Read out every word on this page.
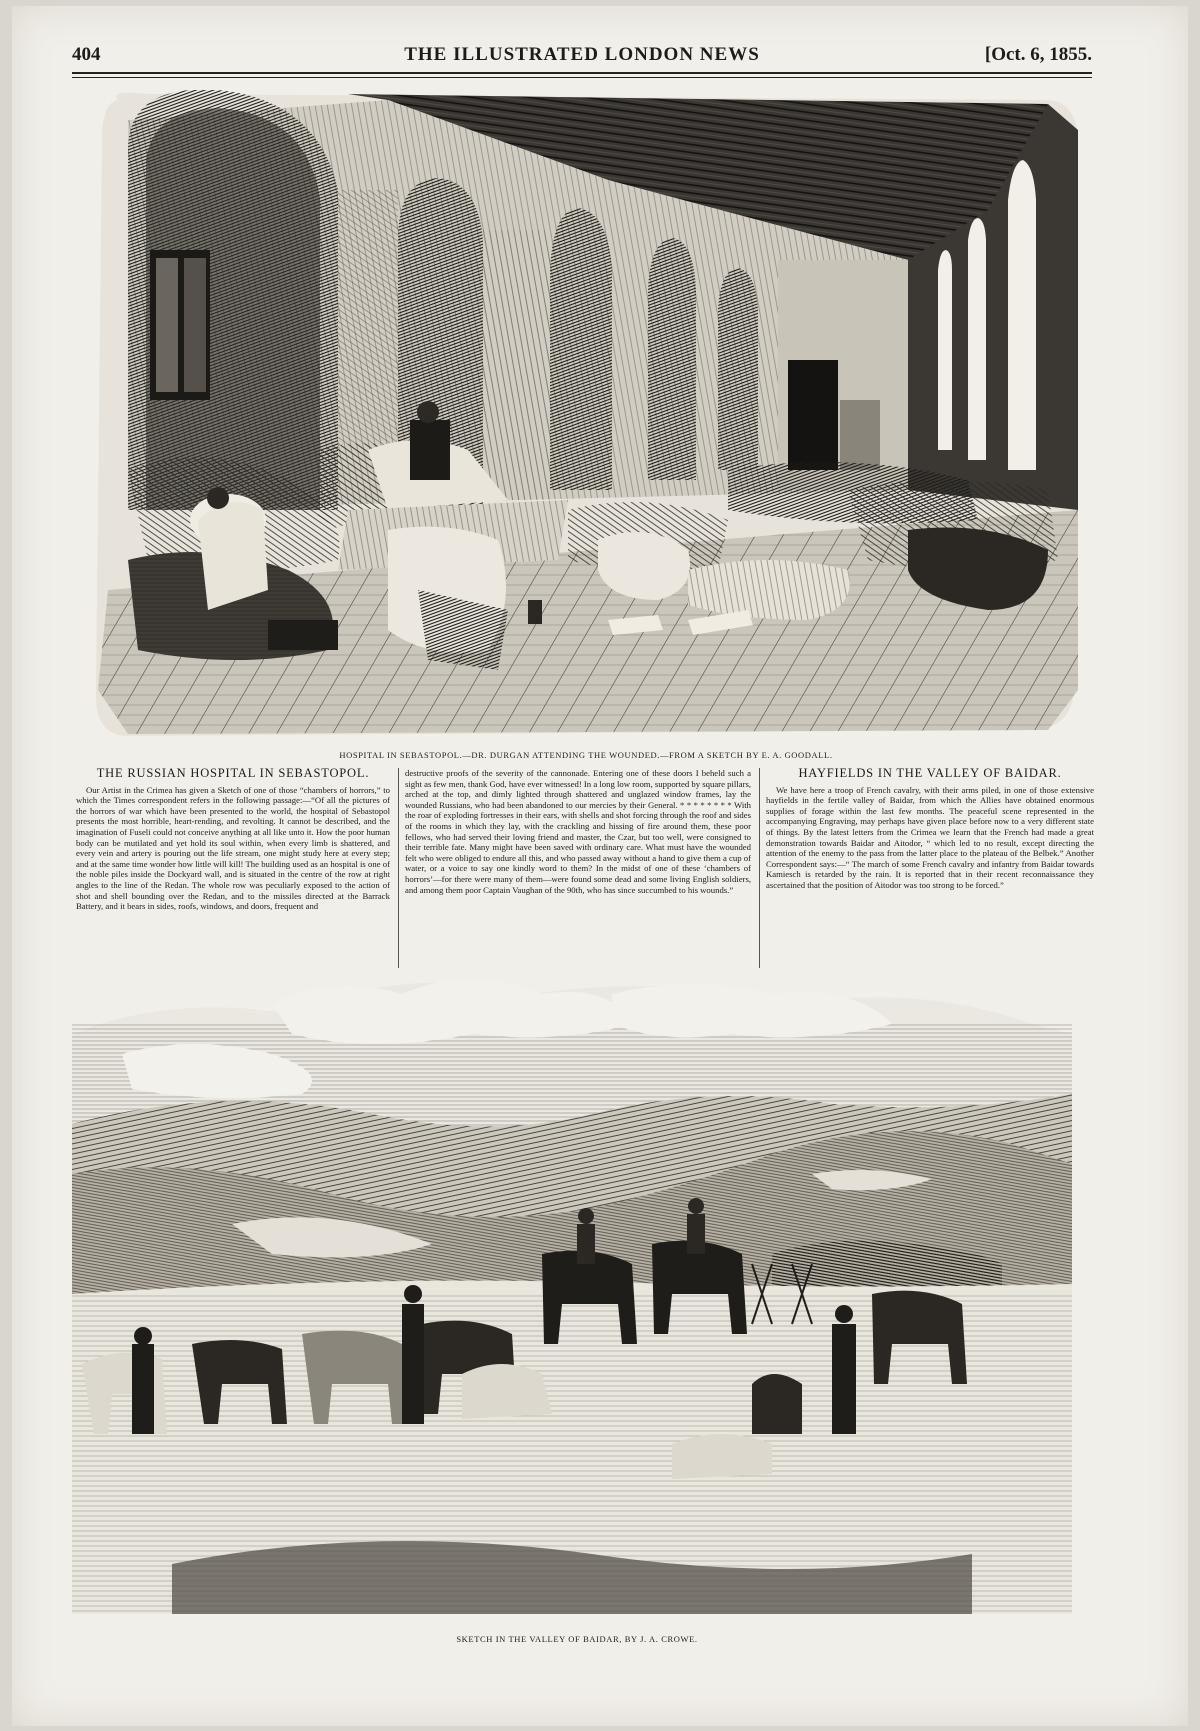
404	THE ILLUSTRATED LONDON NEWS	[Oct. 6, 1855.
HOSPITAL IN SEBASTOPOL.—DR. DURGAN ATTENDING THE WOUNDED.—FROM A SKETCH BY E. A. GOODALL.
THE RUSSIAN HOSPITAL IN SEBASTOPOL.

Our Artist in the Crimea has given a Sketch of one of those “chambers of horrors,” to which the Times correspondent refers in the following passage:—“Of all the pictures of the horrors of war which have been presented to the world, the hospital of Sebastopol presents the most horrible, heart-rending, and revolting. It cannot be described, and the imagination of Fuseli could not conceive anything at all like unto it. How the poor human body can be mutilated and yet hold its soul within, when every limb is shattered, and every vein and artery is pouring out the life stream, one might study here at every step; and at the same time wonder how little will kill! The building used as an hospital is one of the noble piles inside the Dockyard wall, and is situated in the centre of the row at right angles to the line of the Redan. The whole row was peculiarly exposed to the action of shot and shell bounding over the Redan, and to the missiles directed at the Barrack Battery, and it bears in sides, roofs, windows, and doors, frequent and

destructive proofs of the severity of the cannonade. Entering one of these doors I beheld such a sight as few men, thank God, have ever witnessed! In a long low room, supported by square pillars, arched at the top, and dimly lighted through shattered and unglazed window frames, lay the wounded Russians, who had been abandoned to our mercies by their General. * * * * * * * * With the roar of exploding fortresses in their ears, with shells and shot forcing through the roof and sides of the rooms in which they lay, with the crackling and hissing of fire around them, these poor fellows, who had served their loving friend and master, the Czar, but too well, were consigned to their terrible fate. Many might have been saved with ordinary care. What must have the wounded felt who were obliged to endure all this, and who passed away without a hand to give them a cup of water, or a voice to say one kindly word to them? In the midst of one of these ‘chambers of horrors’—for there were many of them—were found some dead and some living English soldiers, and among them poor Captain Vaughan of the 90th, who has since succumbed to his wounds.”

HAYFIELDS IN THE VALLEY OF BAIDAR.

We have here a troop of French cavalry, with their arms piled, in one of those extensive hayfields in the fertile valley of Baidar, from which the Allies have obtained enormous supplies of forage within the last few months. The peaceful scene represented in the accompanying Engraving, may perhaps have given place before now to a very different state of things. By the latest letters from the Crimea we learn that the French had made a great demonstration towards Baidar and Aitodor, “ which led to no result, except directing the attention of the enemy to the pass from the latter place to the plateau of the Belbek.” Another Correspondent says:—“ The march of some French cavalry and infantry from Baidar towards Kamiesch is retarded by the rain. It is reported that in their recent reconnaissance they ascertained that the position of Aitodor was too strong to be forced.”

SKETCH IN THE VALLEY OF BAIDAR, BY J. A. CROWE.
